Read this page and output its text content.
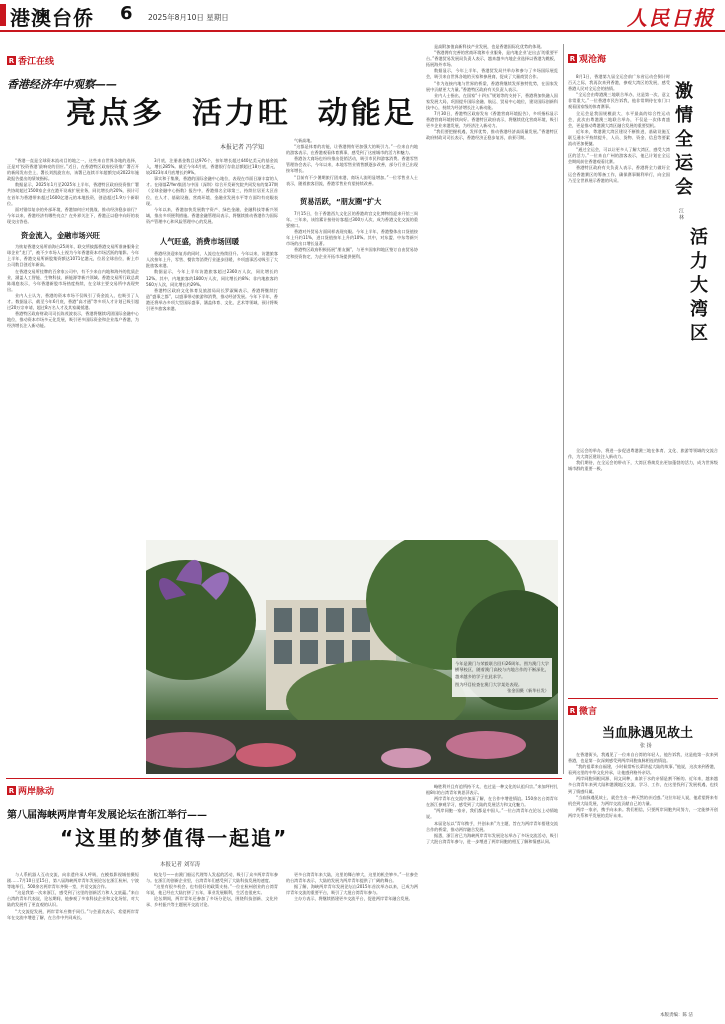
港澳台侨 6 2025年8月10日 星期日	人民日报
R 香江在线
香港经济年中观察——
亮点多  活力旺  动能足
本报记者 冯学知

“香港一直是全球资本流动目的地之一，这些来自世界各地的选择，正是对‘投资香港’最响亮的回应。”近日，在香港特区政府投资推广署召开的新闻发布会上，署长刘凯旋宣布，该署已连续半年超额完成2022年施政报告提出的绩效指标。

数据显示，2025年1月至2025年上半年，香港特区政府投资推广署共协助超过1500家企业在港开设或扩展业务，同比增长约20%，预计可在首年为香港带来超过1600亿港元的本地投资，创造超过1.9万个新职位。

面对错综复杂的外部环境，香港如何应对挑战、推动经济稳步前行？今年以来，香港经济有哪些亮点？在外界关注下，香港正以稳中向好的表现交出答卷。

资金流入，金融市场兴旺

为恢复香港交易所前海台25周年，联交所披露香港交易所准备服务全球企业“龙门”，被不少市场人士视为今年香港资本市场活跃的缩影。今年上半年，香港交易所新股集资额达1071亿港元，位居全球首位，新上市公司数目创近年新高。

在香港交易所挂牌的百余家公司中，有不少来自内地和海外的优质企业，涵盖人工智能、生物科技、新能源等新兴领域。香港交易所行政总裁陈翊庭表示，今年香港新股市场热度持续，在全球主要交易所中表现突出。

业内人士认为，香港的资本市场不仅吸引了资金流入，也吸引了人才。数据显示，截至今年6月底，香港“高才通”等多项人才计划已吸引超过20万宗申请，超过8万名人才及其家属抵港。

香港特区政府财政司司长陈茂波表示，香港将继续巩固国际金融中心地位，推动资本市场多元化发展，吸引更多国际资金和企业落户香港，为经济增长注入新动能。

3月底，注册基金数目达976个，按年增长超过440亿美元的基金流入，增长285%。截至今年4月底，香港银行存款总额超过18万亿港元，较2023年4月底增长约9%。

事实和于集聚，香港的国际金融中心地位，表现在市面日渐丰富的人才。在刚落Z/Yen集团与中国（深圳）综合开发研究院共同发布的第37期《全球金融中心指数》报告中，香港排名全球第三，持续位居亚太区首位，在人才、基础设施、营商环境、金融业发展水平等方面均有亮眼表现。

今年以来，香港加快发展数字资产、绿色金融、金融科技等新兴领域，推出多项便利措施。香港金融管理局表示，将继续推动香港作为国际资产管理中心和风险管理中心的发展。

人气旺盛，消费市场回暖

香港经济迎来复苏的同时，人流也在持续回升。今年以来，访港旅客人次按年上升，零售、餐饮等消费行业逐步回暖，多项盛事活动吸引了大批旅客来港。

数据显示，今年上半年访港旅客超过2360万人次，同比增长约12%。其中，内地旅客约1800万人次，同比增长约8%；非内地旅客约560万人次，同比增长约29%。

香港特区政府文化体育及旅游局局长罗淑佩表示，香港将继续打造“盛事之都”，以盛事带动旅游和消费，推动经济发展。今年下半年，香港还将举办多项大型国际盛事，涵盖体育、文化、艺术等领域，预计将吸引更多旅客来港。

气新高地。

“这都是体育的功能，让香港拥有更加强大的吸引力。”一位来自内地的游客表示，在香港观看体育赛事，感受到了这座城市的活力和魅力。

香港各大商场也纷纷推出促销活动，吸引市民和游客消费。香港零售管理协会表示，今年以来，本地零售业销售额逐步改善，部分行业已出现按年增长。

“目前有不少暑期旅行团来港，商场人流明显增加。”一位零售业人士表示，随着旅客回流，香港零售业有望持续改善。

贸易活跃，“朋友圈”扩大

7月15日，位于香港西九文化区的香港故宫文化博物馆迎来开馆三周年。三年来，该馆累计接待访客超过300万人次，成为香港文化交流的重要窗口。

香港对外贸易方面同样表现亮眼。今年上半年，香港整体出口货值按年上升约11%，进口货值按年上升约10%。其中，对东盟、中东等新兴市场的出口增长显著。

香港特区政府积极拓展“朋友圈”，与更多国家和地区签订自由贸易协定和投资协定，为企业开拓市场提供便利。

是高附加值高新科技产业发展，也是香港国际化优势的体现。

“香港拥有完善的营商环境和专业服务，是内地企业‘走出去’的重要平台。”香港贸易发展局负责人表示，越来越多内地企业选择以香港为跳板，拓展海外市场。

数据显示，今年上半年，香港贸发局共举办和参与了多场国际展览会，吸引来自世界各地的买家和参展商，促成了大量商贸合作。

“作为连接内地与世界的桥梁，香港将继续发挥独特优势，在国家发展中贡献更大力量。”香港特区政府有关负责人表示。

业内人士指出，在国家“十四五”规划等的支持下，香港将加快融入国家发展大局，巩固提升国际金融、航运、贸易中心地位，建设国际创新科技中心，持续为经济增长注入新动能。

7月30日，香港特区政府发布《香港营商环境报告》，多项指标显示香港营商环境持续向好。香港特区政府表示，将继续优化营商环境，吸引更多企业来港发展，为经济注入新动力。

“我们要把握机遇，发挥优势，推动香港经济高质量发展。”香港特区政府财政司司长表示，香港经济正稳步复苏，前景可期。

今年是澳门与荣毅联合回归26周年。图为澳门大学横琴校区，随着澳门高校与内地合作的不断深化，越来越多的学子在此求学。
图为经目检查在澳门大学某处表现。
张金国摄（新华社发）
R 观沧海

8月1日，香港第九届全运会前广东省运动会倒计时百天之际，我再次来到香港，参观大湾区的发展，感受香港人民对全运会的热情。

“全运会由粤港澳三地联合举办，这是第一次，意义非常重大。”一位香港市民告诉我，他非常期待在家门口观看国家级的体育赛事。

全运会是我国规模最大、水平最高的综合性运动会，此次由粤港澳三地联合举办，不仅是一次体育盛会，更是推动粤港澳大湾区融合发展的重要契机。

近年来，粤港澳大湾区建设不断推进，基础设施互联互通水平持续提升，人员、货物、资金、信息等要素流动更加便捷。

“通过全运会，可以让更多人了解大湾区，感受大湾区的活力。”一位来自广州的游客表示，他已计划在全运会期间前往香港观看比赛。

香港特区政府有关负责人表示，香港将全力做好全运会香港赛区的筹备工作，确保赛事顺利举行，向全国乃至全世界展示香港的风采。

激
情
全
运
会
活
力
大
湾
区
江 林

全运会的举办，将进一步促进粤港澳三地在体育、文化、旅游等领域的交流合作，为大湾区建设注入新动力。

我们期待，在全运会的带动下，大湾区将焕发出更加蓬勃的活力，成为世界级城市群的重要一极。

R 微言
当血脉遇见故土
张 扬

在香港街头，我遇见了一位来自台湾的年轻人，他告诉我，这是他第一次来到香港，也是第一次深刻感受到两岸同胞血脉相连的情谊。

“我的祖辈来自福建，小时候常听长辈讲起大陆的故事。”他说，这次来到香港，看到这里的中华文化传承，让他感到格外亲切。

两岸同胞同根同源、同文同种，血浓于水的亲情是割不断的。近年来，越来越多台湾青年来到大陆和港澳地区交流、学习、工作，在这里找到了发展机遇，也找到了情感归属。

“当血脉遇见故土，就会生出一种天然的亲近感。”这位年轻人说，他希望将来有机会到大陆发展，为两岸交流贡献自己的力量。

两岸一家亲，携手向未来。我们相信，只要两岸同胞共同努力，一定能够开创两岸关系和平发展的美好未来。

本版责编：陈 洁
R 两岸脉动
第八届海峡两岸青年发展论坛在浙江举行——
“这里的梦值得一起追”
本报记者 刘军涛

与人系机器人互动交流，向非遗传承人呼吸，在模拟影视城拍摄短剧……7月10日至15日，第八届海峡两岸青年发展论坛在浙江杭州、宁波等地举行，500余名两岸青年齐聚一堂，共话交流合作。

“这是我第一次来浙江，感受到了这里的创新活力和人文底蕴。”来自台湾的青年代表说，论坛期间，他参观了多家科技企业和文化场馆，对大陆的发展有了更直观的认识。

“大交流促发展，两岸青年应携手同行。”与会嘉宾表示，希望两岸青年在交流中增进了解，在合作中共同成长。

蛟龙号——由澳门船运代理等人发起的活动，吸引了众多两岸青年参与。在浙江的创新企业里，台湾青年们感受到了大陆科技发展的速度。

“这里有很多机会，也有很好的政策支持。”一位在杭州创业的台湾青年说，他已经在大陆打拼了五年，事业发展顺利，生活也很充实。

论坛期间，两岸青年还参加了多场分论坛，围绕科技创新、文化传承、乡村振兴等主题展开交流讨论。

更多台湾青年来大陆，这里的舞台够大，这里的机会够多。”一位参会的台湾青年表示，大陆的发展为两岸青年提供了广阔的舞台。

据了解，海峡两岸青年发展论坛自2015年首次举办以来，已成为两岸青年交流的重要平台，吸引了大批台湾青年参与。

主办方表示，将继续搭建更多交流平台，促进两岸青年融合发展。

略胜利并且有追所持不太，也过是一种文化的认祖归宗。”来加坪村扎根8年的台湾青年黄思萍表示。

两岸青年在交流中加深了解，在合作中增进情谊。150余名台湾青年在浙江参观学习，感受到了大陆的发展活力和文化魅力。

“两岸同胞一家亲，我们都是中国人。”一位台湾青年在论坛上动情地说。

本届论坛以“青年携手，共创未来”为主题，旨在为两岸青年搭建交流合作的桥梁，推动两岸融合发展。

据悉，浙江省已为海峡两岸青年发展论坛举办了多场交流活动，吸引了大批台湾青年参与，进一步增进了两岸同胞的相互了解和情感认同。
